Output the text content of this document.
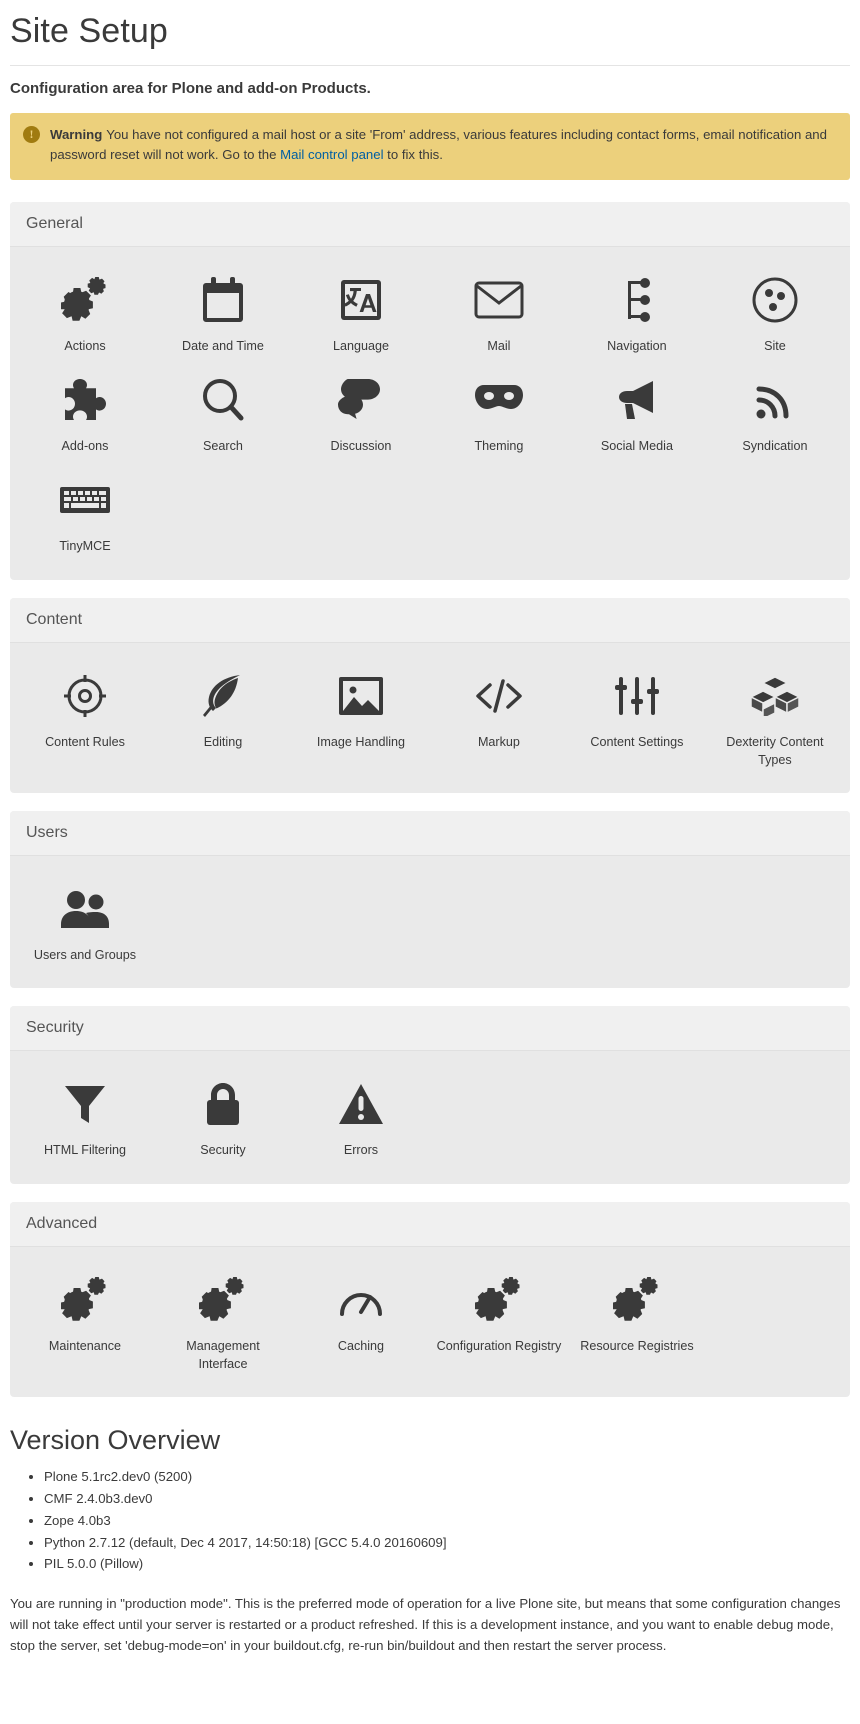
Site Setup

Configuration area for Plone and add-on Products.

!	Warning You have not configured a mail host or a site 'From' address, various features including contact forms, email notification and password reset will not work. Go to the Mail control panel to fix this.
General
Actions	Date and Time	Language	Mail	Navigation	Site
Add-ons	Search	Discussion	Theming	Social Media	Syndication
TinyMCE
Content
Content Rules	Editing	Image Handling	Markup	Content Settings	Dexterity Content Types
Users
Users and Groups
Security
HTML Filtering	Security	Errors
Advanced
Maintenance	Management Interface
Caching	Configuration Registry	Resource Registries
Version Overview
• Plone 5.1rc2.dev0 (5200)
• CMF 2.4.0b3.dev0
• Zope 4.0b3
• Python 2.7.12 (default, Dec 4 2017, 14:50:18) [GCC 5.4.0 20160609]
• PIL 5.0.0 (Pillow)

You are running in "production mode". This is the preferred mode of operation for a live Plone site, but means that some configuration changes will not take effect until your server is restarted or a product refreshed. If this is a development instance, and you want to enable debug mode, stop the server, set 'debug-mode=on' in your buildout.cfg, re-run bin/buildout and then restart the server process.
